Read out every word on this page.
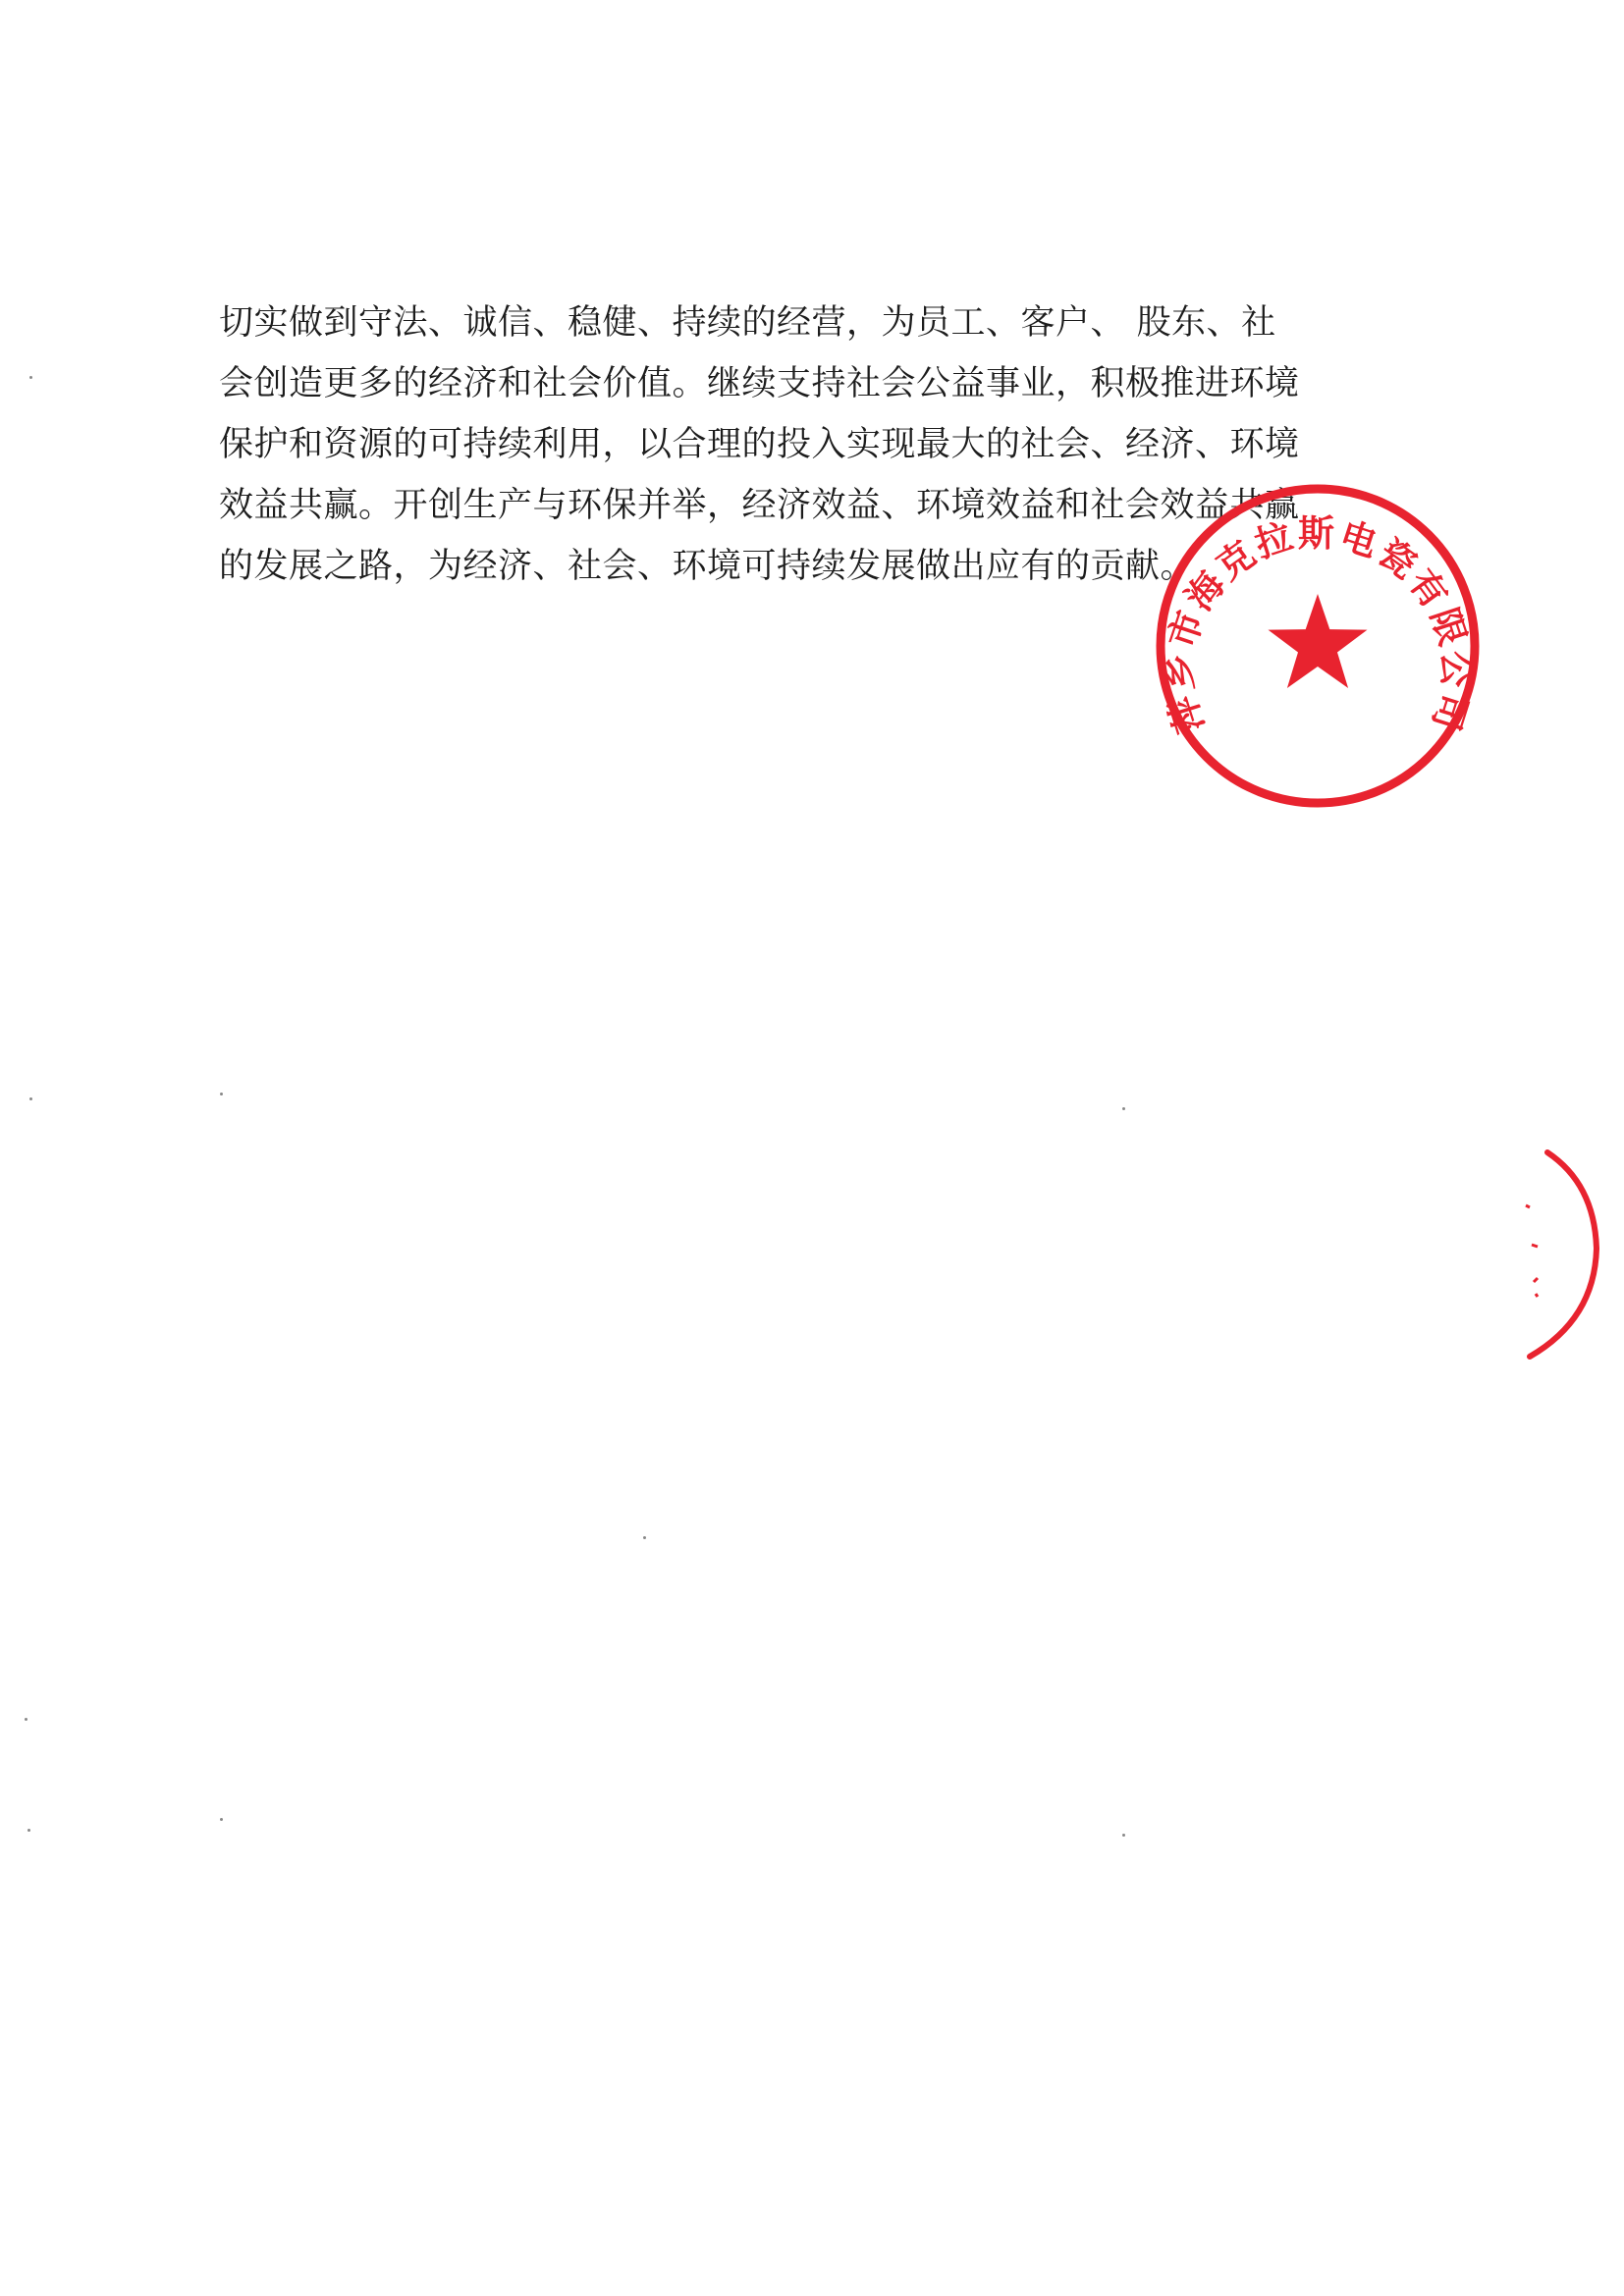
切实做到守法、诚信、稳健、持续的经营，为员工、客户、 股东、社
会创造更多的经济和社会价值。继续支持社会公益事业，积极推进环境
保护和资源的可持续利用，以合理的投入实现最大的社会、经济、环境
效益共赢。开创生产与环保并举，经济效益、环境效益和社会效益共赢
的发展之路，为经济、社会、环境可持续发展做出应有的贡献。
萍乡市海克拉斯电瓷有限公司
